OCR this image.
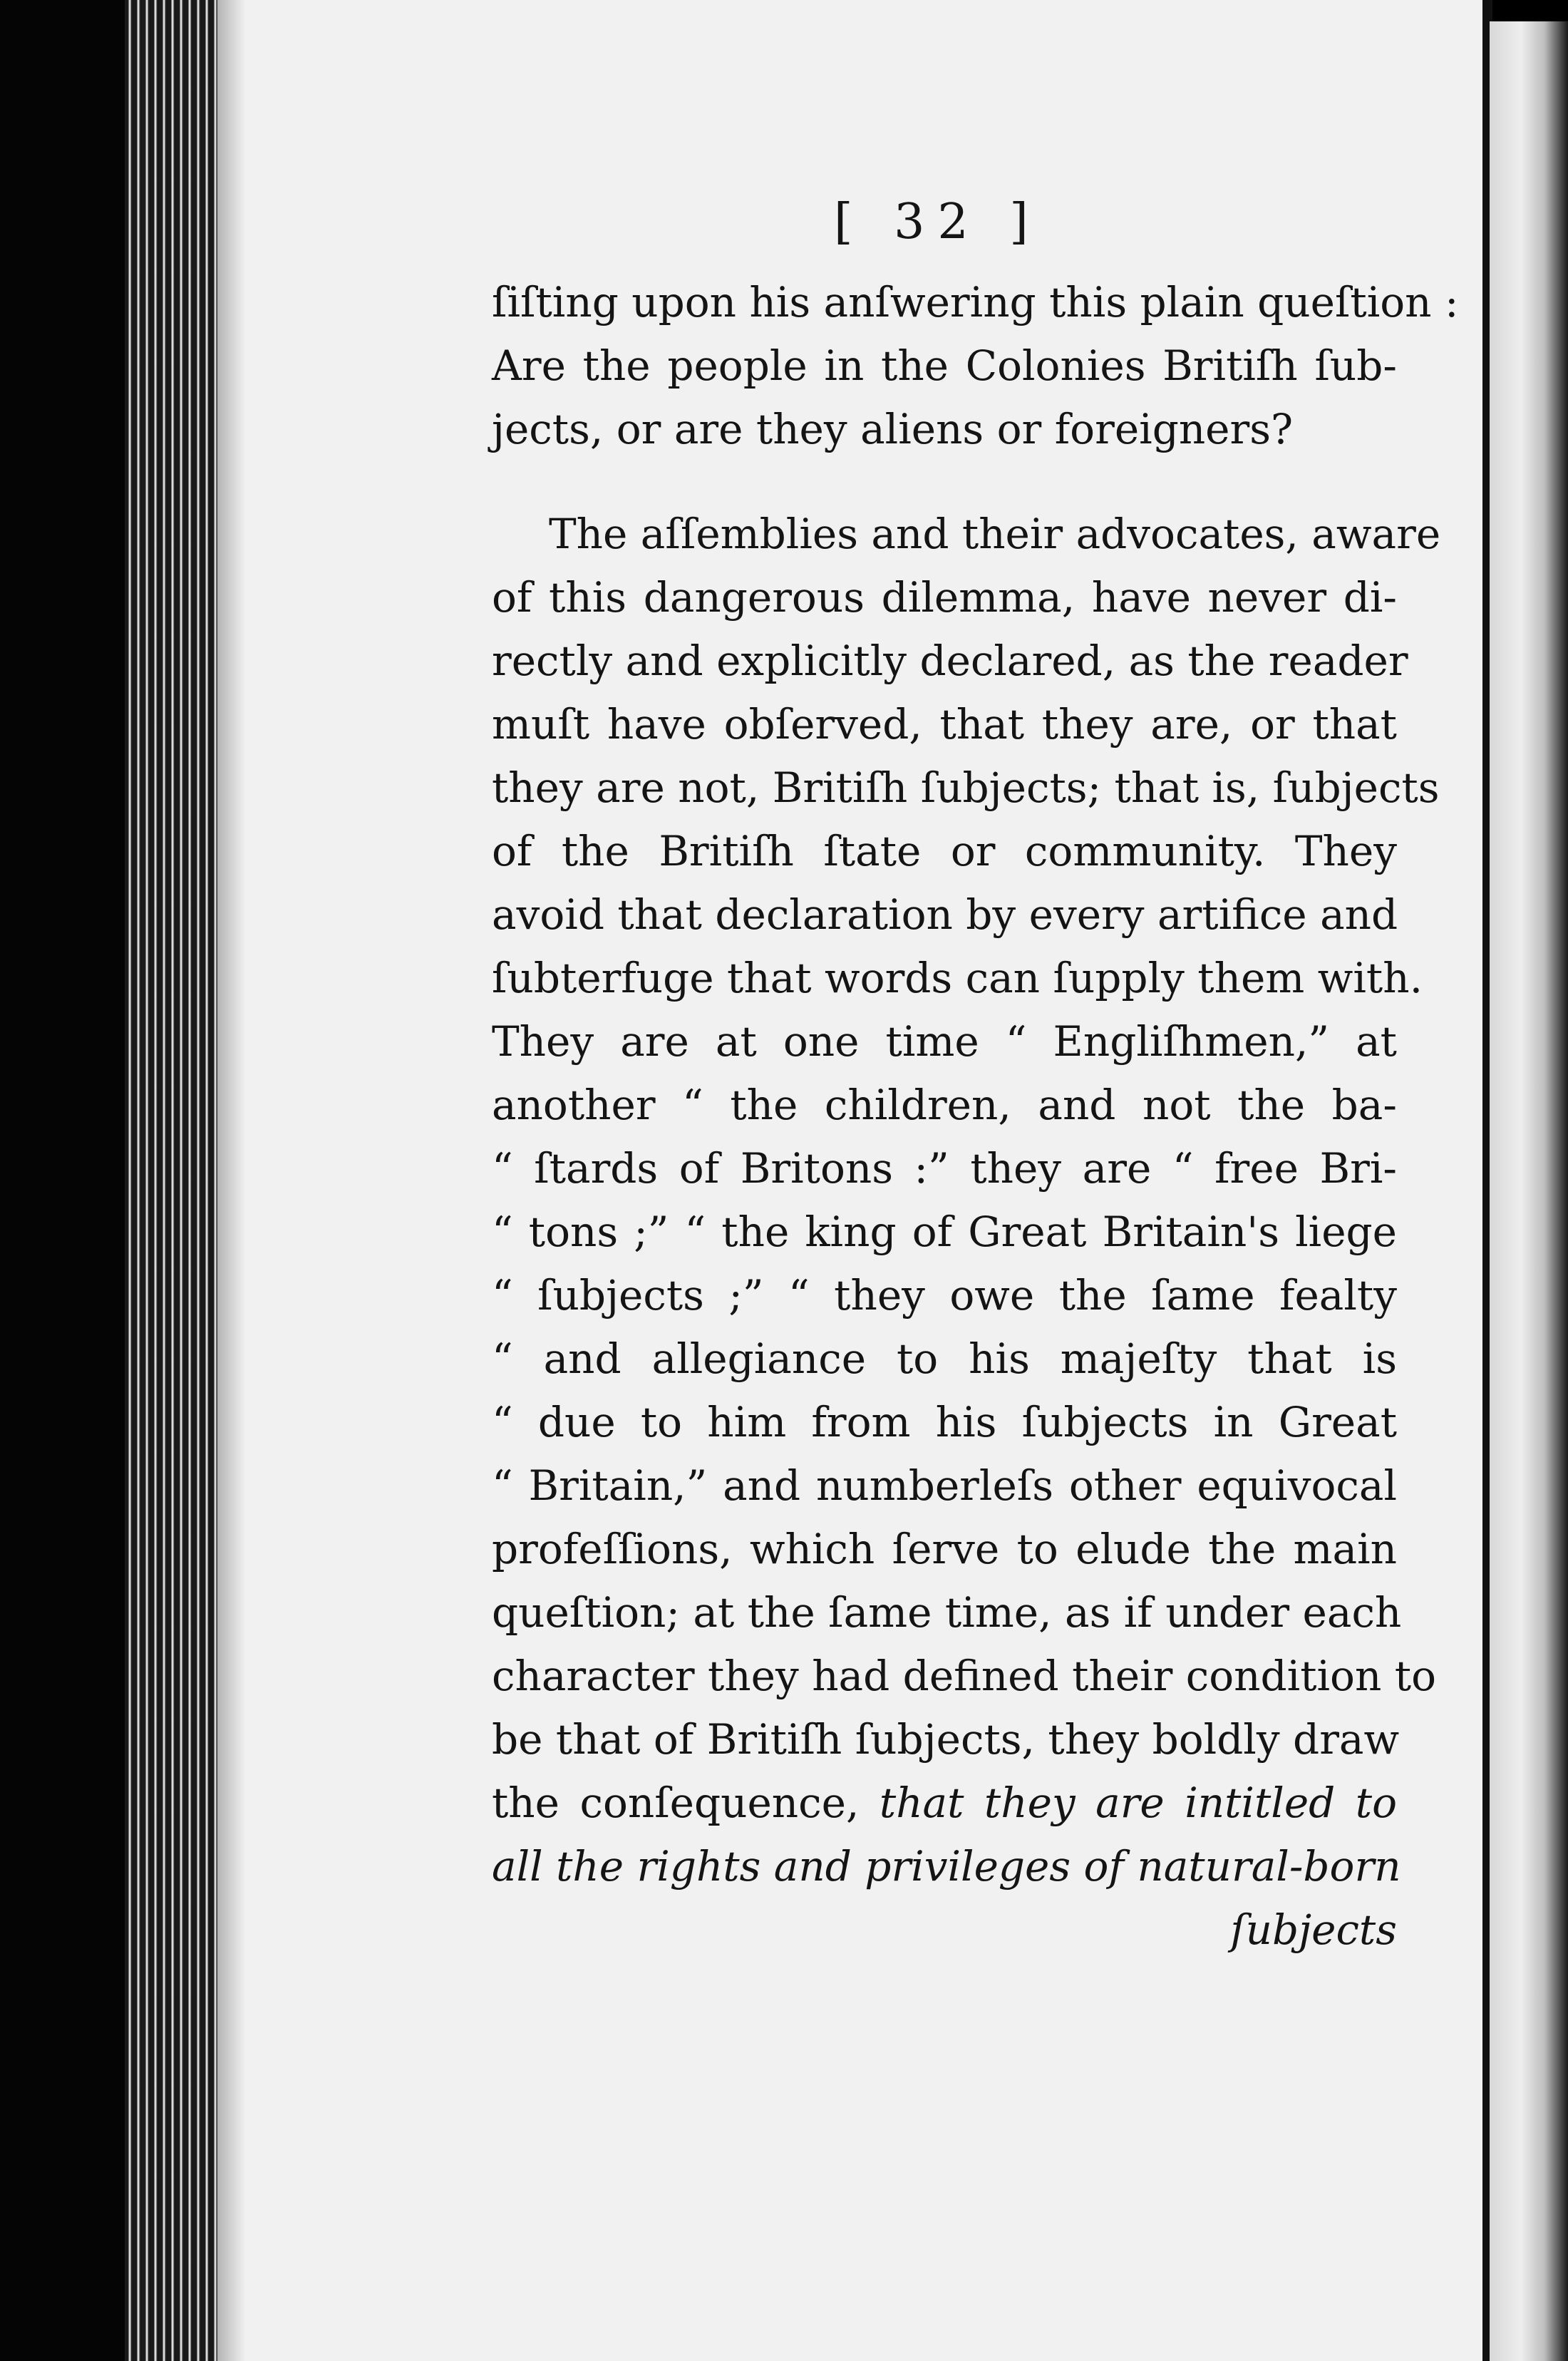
[ 32 ]
ſiſting upon his anſwering this plain queſtion :
Are the people in the Colonies Britiſh ſub-
jects, or are they aliens or foreigners?
The aſſemblies and their advocates, aware
of this dangerous dilemma, have never di-
rectly and explicitly declared, as the reader
muſt have obſerved, that they are, or that
they are not, Britiſh ſubjects; that is, ſubjects
of the Britiſh ſtate or community. They
avoid that declaration by every artifice and
ſubterfuge that words can ſupply them with.
They are at one time “ Engliſhmen,” at
another “ the children, and not the ba-
“ ſtards of Britons :” they are “ free Bri-
“ tons ;” “ the king of Great Britain's liege
“ ſubjects ;” “ they owe the ſame fealty
“ and allegiance to his majeſty that is
“ due to him from his ſubjects in Great
“ Britain,” and numberleſs other equivocal
profeſſions, which ſerve to elude the main
queſtion; at the ſame time, as if under each
character they had defined their condition to
be that of Britiſh ſubjects, they boldly draw
the conſequence, that they are intitled to
all the rights and privileges of natural-born
ſubjects
